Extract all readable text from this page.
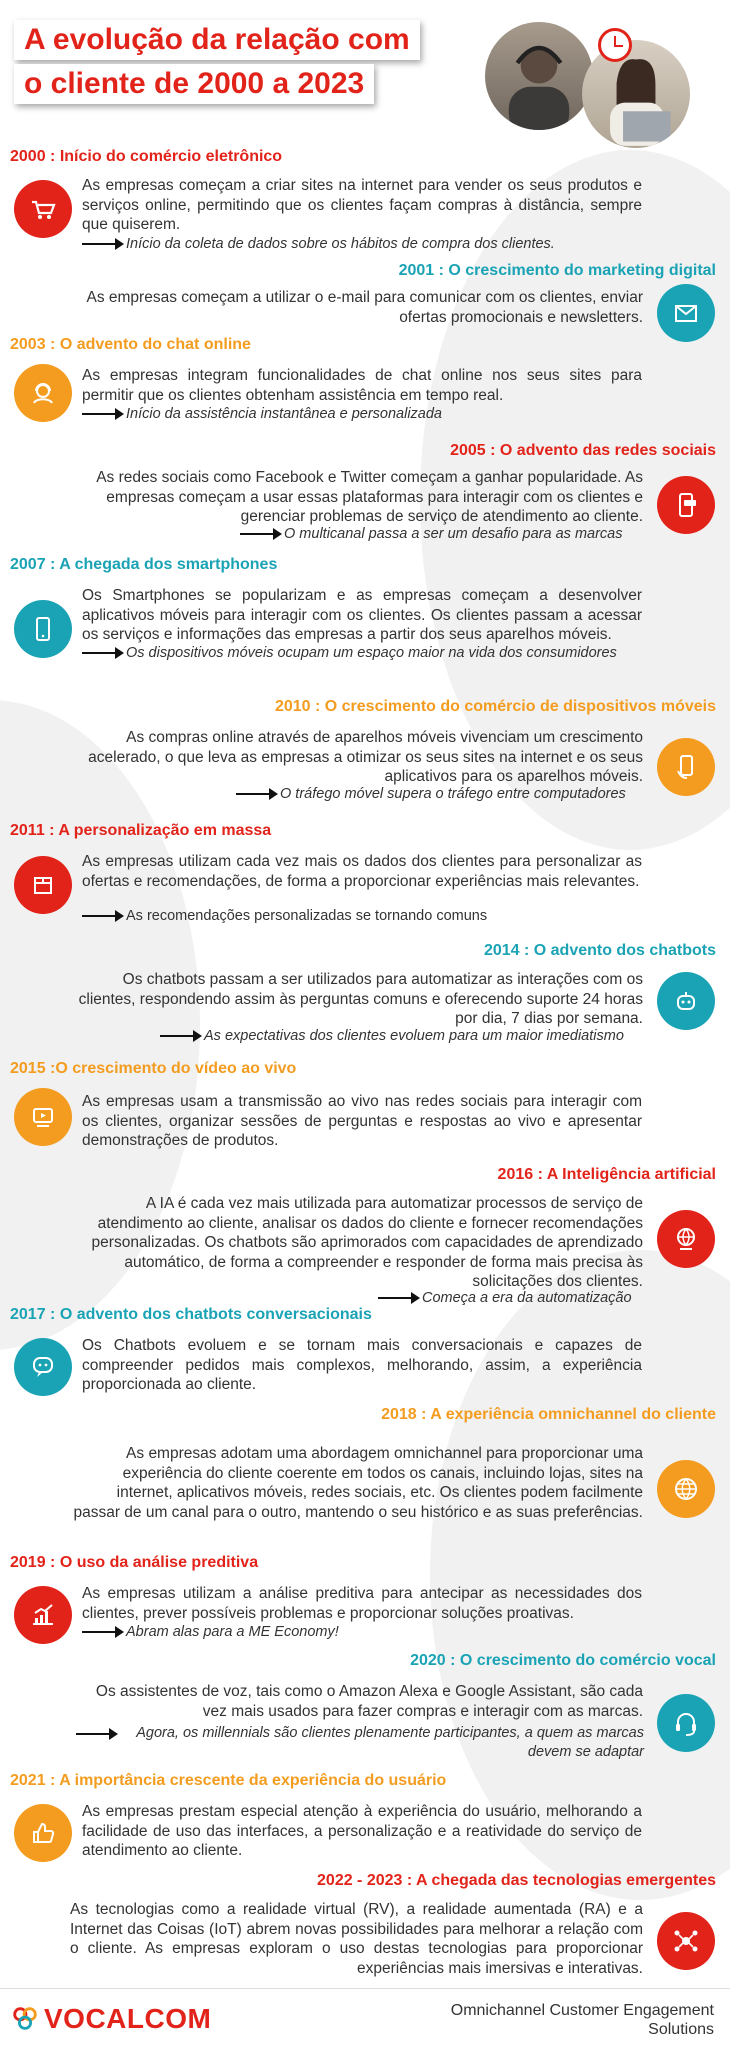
A evolução da relação com
o cliente de 2000 a 2023
2000 : Início do comércio eletrônico
As empresas começam a criar sites na internet para vender os seus produtos e serviços online, permitindo que os clientes façam compras à distância, sempre que quiserem.
Início da coleta de dados sobre os hábitos de compra dos clientes.
2001 : O crescimento do marketing digital
As empresas começam a utilizar o e-mail para comunicar com os clientes, enviar ofertas promocionais e newsletters.
2003 : O advento do chat online
As empresas integram funcionalidades de chat online nos seus sites para permitir que os clientes obtenham assistência em tempo real.
Início da assistência instantânea e personalizada
2005 : O advento das redes sociais
As redes sociais como Facebook e Twitter começam a ganhar popularidade. As empresas começam a usar essas plataformas para interagir com os clientes e gerenciar problemas de serviço de atendimento ao cliente.
O multicanal passa a ser um desafio para as marcas
2007 : A chegada dos smartphones
Os Smartphones se popularizam e as empresas começam a desenvolver aplicativos móveis para interagir com os clientes. Os clientes passam a acessar os serviços e informações das empresas a partir dos seus aparelhos móveis.
Os dispositivos móveis ocupam um espaço maior na vida dos consumidores
2010 : O crescimento do comércio de dispositivos móveis
As compras online através de aparelhos móveis vivenciam um crescimento acelerado, o que leva as empresas a otimizar os seus sites na internet e os seus aplicativos para os aparelhos móveis.
O tráfego móvel supera o tráfego entre computadores
2011 : A personalização em massa
As empresas utilizam cada vez mais os dados dos clientes para personalizar as ofertas e recomendações, de forma a proporcionar experiências mais relevantes.
As recomendações personalizadas se tornando comuns
2014 : O advento dos chatbots
Os chatbots passam a ser utilizados para automatizar as interações com os clientes, respondendo assim às perguntas comuns e oferecendo suporte 24 horas por dia, 7 dias por semana.
As expectativas dos clientes evoluem para um maior imediatismo
2015 :O crescimento do vídeo ao vivo
As empresas usam a transmissão ao vivo nas redes sociais para interagir com os clientes, organizar sessões de perguntas e respostas ao vivo e apresentar demonstrações de produtos.
2016 : A Inteligência artificial
A IA é cada vez mais utilizada para automatizar processos de serviço de atendimento ao cliente, analisar os dados do cliente e fornecer recomendações personalizadas. Os chatbots são aprimorados com capacidades de aprendizado automático, de forma a compreender e responder de forma mais precisa às solicitações dos clientes.
Começa a era da automatização
2017 : O advento dos chatbots conversacionais
Os Chatbots evoluem e se tornam mais conversacionais e capazes de compreender pedidos mais complexos, melhorando, assim, a experiência proporcionada ao cliente.
2018 : A experiência omnichannel do cliente
As empresas adotam uma abordagem omnichannel para proporcionar uma experiência do cliente coerente em todos os canais, incluindo lojas, sites na internet, aplicativos móveis, redes sociais, etc. Os clientes podem facilmente passar de um canal para o outro, mantendo o seu histórico e as suas preferências.
2019 : O uso da análise preditiva
As empresas utilizam a análise preditiva para antecipar as necessidades dos clientes, prever possíveis problemas e proporcionar soluções proativas.
Abram alas para a ME Economy!
2020 : O crescimento do comércio vocal
Os assistentes de voz, tais como o Amazon Alexa e Google Assistant, são cada vez mais usados para fazer compras e interagir com as marcas.
Agora, os millennials são clientes plenamente participantes, a quem as marcas devem se adaptar
2021 : A importância crescente da experiência do usuário
As empresas prestam especial atenção à experiência do usuário, melhorando a facilidade de uso das interfaces, a personalização e a reatividade do serviço de atendimento ao cliente.
2022 - 2023 : A chegada das tecnologias emergentes
As tecnologias como a realidade virtual (RV), a realidade aumentada (RA) e a Internet das Coisas (IoT) abrem novas possibilidades para melhorar a relação com o cliente. As empresas exploram o uso destas tecnologias para proporcionar experiências mais imersivas e interativas.
VOCALCOM	Omnichannel Customer Engagement
Solutions
